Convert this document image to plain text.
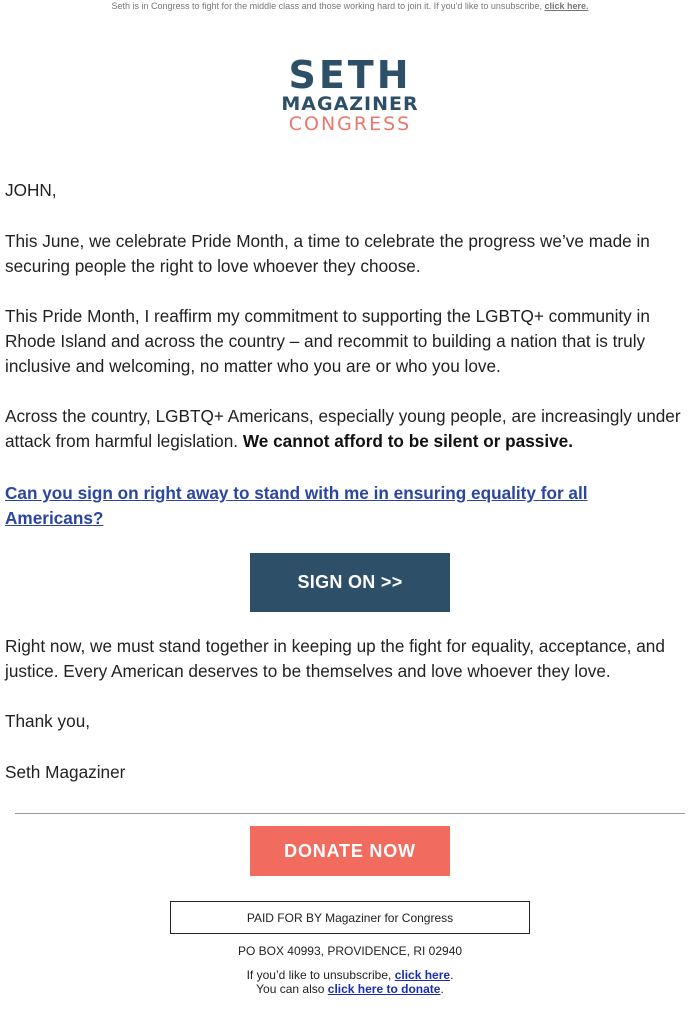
Seth is in Congress to fight for the middle class and those working hard to join it. If you'd like to unsubscribe, click here.
SETH
MAGAZINER
CONGRESS

JOHN,

This June, we celebrate Pride Month, a time to celebrate the progress we’ve made in securing people the right to love whoever they choose.

This Pride Month, I reaffirm my commitment to supporting the LGBTQ+ community in Rhode Island and across the country – and recommit to building a nation that is truly inclusive and welcoming, no matter who you are or who you love.

Across the country, LGBTQ+ Americans, especially young people, are increasingly under attack from harmful legislation. We cannot afford to be silent or passive.

Can you sign on right away to stand with me in ensuring equality for all Americans?

SIGN ON >>

Right now, we must stand together in keeping up the fight for equality, acceptance, and justice. Every American deserves to be themselves and love whoever they love.

Thank you,

Seth Magaziner

DONATE NOW
PAID FOR BY Magaziner for Congress
PO BOX 40993, PROVIDENCE, RI 02940
If you’d like to unsubscribe, click here.
You can also click here to donate.
